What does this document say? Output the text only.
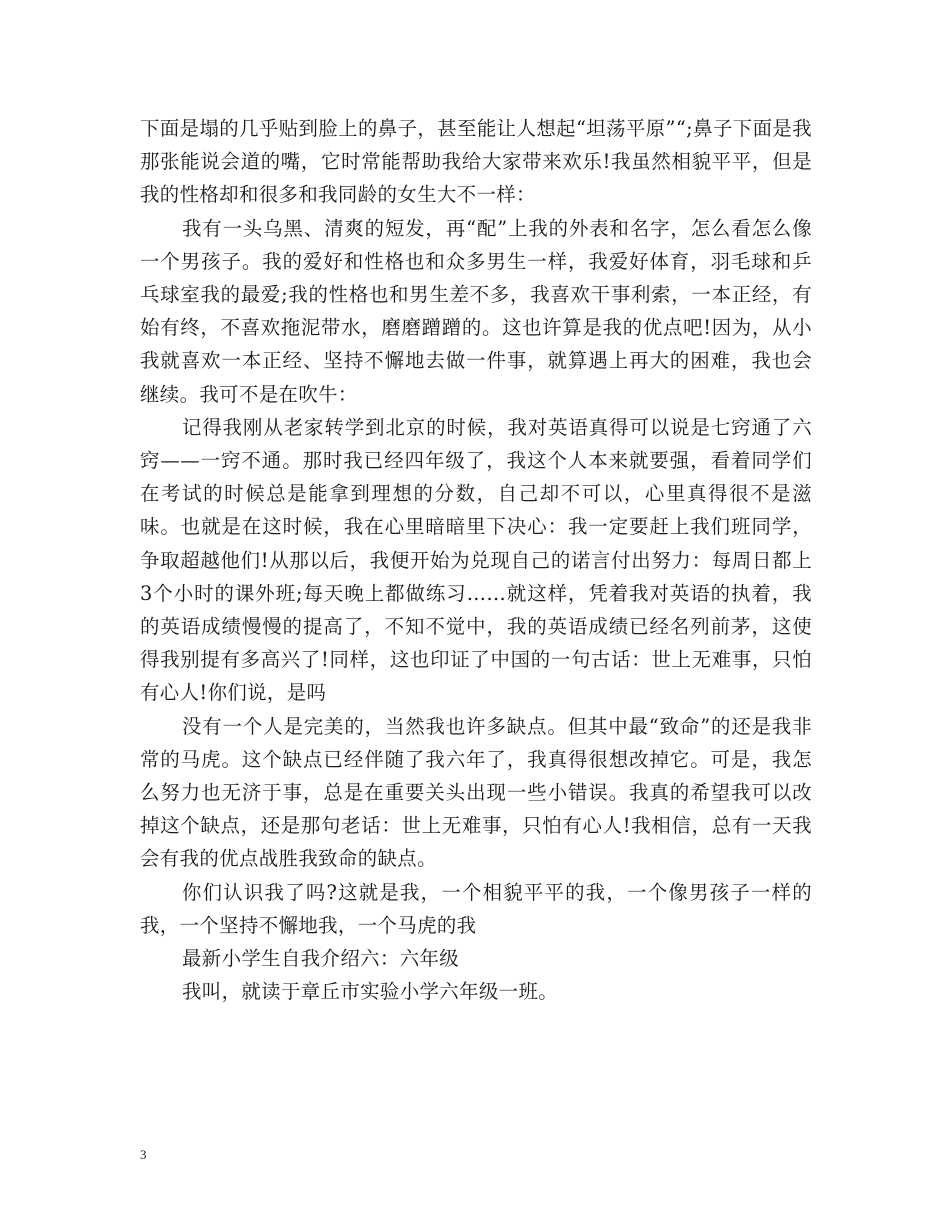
下面是塌的几乎贴到脸上的鼻子，甚至能让人想起“坦荡平原”“;鼻子下面是我那张能说会道的嘴，它时常能帮助我给大家带来欢乐!我虽然相貌平平，但是我的性格却和很多和我同龄的女生大不一样：

我有一头乌黑、清爽的短发，再“配”上我的外表和名字，怎么看怎么像一个男孩子。我的爱好和性格也和众多男生一样，我爱好体育，羽毛球和乒乓球室我的最爱;我的性格也和男生差不多，我喜欢干事利索，一本正经，有始有终，不喜欢拖泥带水，磨磨蹭蹭的。这也许算是我的优点吧!因为，从小我就喜欢一本正经、坚持不懈地去做一件事，就算遇上再大的困难，我也会继续。我可不是在吹牛：

记得我刚从老家转学到北京的时候，我对英语真得可以说是七窍通了六窍——一窍不通。那时我已经四年级了，我这个人本来就要强，看着同学们在考试的时候总是能拿到理想的分数，自己却不可以，心里真得很不是滋味。也就是在这时候，我在心里暗暗里下决心：我一定要赶上我们班同学，争取超越他们!从那以后，我便开始为兑现自己的诺言付出努力：每周日都上3个小时的课外班;每天晚上都做练习……就这样，凭着我对英语的执着，我的英语成绩慢慢的提高了，不知不觉中，我的英语成绩已经名列前茅，这使得我别提有多高兴了!同样，这也印证了中国的一句古话：世上无难事，只怕有心人!你们说，是吗

没有一个人是完美的，当然我也许多缺点。但其中最“致命”的还是我非常的马虎。这个缺点已经伴随了我六年了，我真得很想改掉它。可是，我怎么努力也无济于事，总是在重要关头出现一些小错误。我真的希望我可以改掉这个缺点，还是那句老话：世上无难事，只怕有心人!我相信，总有一天我会有我的优点战胜我致命的缺点。

你们认识我了吗?这就是我，一个相貌平平的我，一个像男孩子一样的我，一个坚持不懈地我，一个马虎的我

最新小学生自我介绍六：六年级

我叫，就读于章丘市实验小学六年级一班。

3
